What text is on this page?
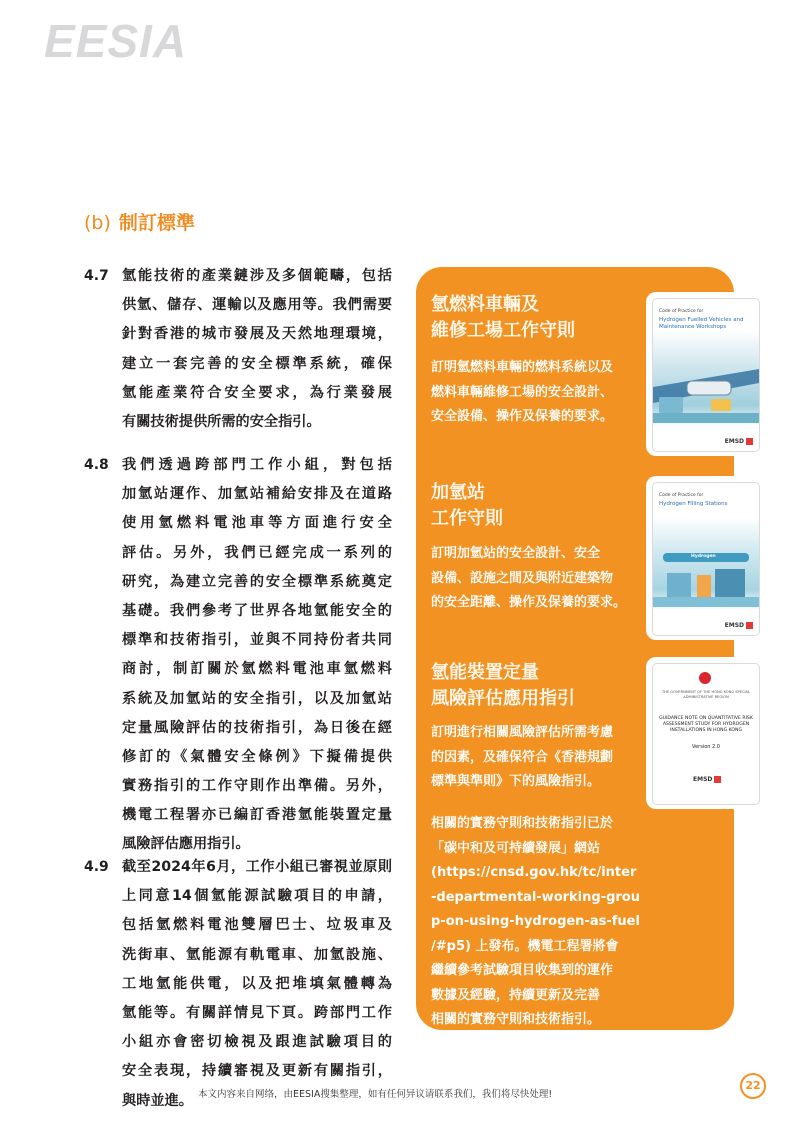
EESIA
(b) 制訂標準
4.7 氫能技術的產業鏈涉及多個範疇，包括
供氫、儲存、運輸以及應用等。我們需要
針對香港的城市發展及天然地理環境，
建立一套完善的安全標準系統，確保
氫能產業符合安全要求，為行業發展
有關技術提供所需的安全指引。
4.8 我們透過跨部門工作小組，對包括
加氫站運作、加氫站補給安排及在道路
使用氫燃料電池車等方面進行安全
評估。另外，我們已經完成一系列的
研究，為建立完善的安全標準系統奠定
基礎。我們參考了世界各地氫能安全的
標準和技術指引，並與不同持份者共同
商討，制訂關於氫燃料電池車氫燃料
系統及加氫站的安全指引，以及加氫站
定量風險評估的技術指引，為日後在經
修訂的《氣體安全條例》下擬備提供
實務指引的工作守則作出準備。另外，
機電工程署亦已編訂香港氫能裝置定量
風險評估應用指引。
4.9 截至2024年6月，工作小組已審視並原則
上同意14個氫能源試驗項目的申請，
包括氫燃料電池雙層巴士、垃圾車及
洗街車、氫能源有軌電車、加氫設施、
工地氫能供電，以及把堆填氣體轉為
氫能等。有關詳情見下頁。跨部門工作
小組亦會密切檢視及跟進試驗項目的
安全表現，持續審視及更新有關指引，
與時並進。
氫燃料車輛及
維修工場工作守則
訂明氫燃料車輛的燃料系統以及
燃料車輛維修工場的安全設計、
安全設備、操作及保養的要求。
加氫站
工作守則
訂明加氫站的安全設計、安全
設備、設施之間及與附近建築物
的安全距離、操作及保養的要求。
氫能裝置定量
風險評估應用指引
訂明進行相關風險評估所需考慮
的因素，及確保符合《香港規劃
標準與準則》下的風險指引。
相關的實務守則和技術指引已於
「碳中和及可持續發展」網站
(https://cnsd.gov.hk/tc/inter
-departmental-working-grou
p-on-using-hydrogen-as-fuel
/#p5) 上發布。機電工程署將會
繼續參考試驗項目收集到的運作
數據及經驗，持續更新及完善
相關的實務守則和技術指引。
Code of Practice for
Hydrogen Fuelled Vehicles and Maintenance Workshops
EMSD
Code of Practice for
Hydrogen Filling Stations
Hydrogen
EMSD
THE GOVERNMENT OF THE HONG KONG SPECIAL ADMINISTRATIVE REGION
GUIDANCE NOTE ON QUANTITATIVE RISK ASSESSMENT STUDY FOR HYDROGEN INSTALLATIONS IN HONG KONG
Version 2.0
EMSD
本文内容来自网络，由EESIA搜集整理，如有任何异议请联系我们，我们将尽快处理!
22
